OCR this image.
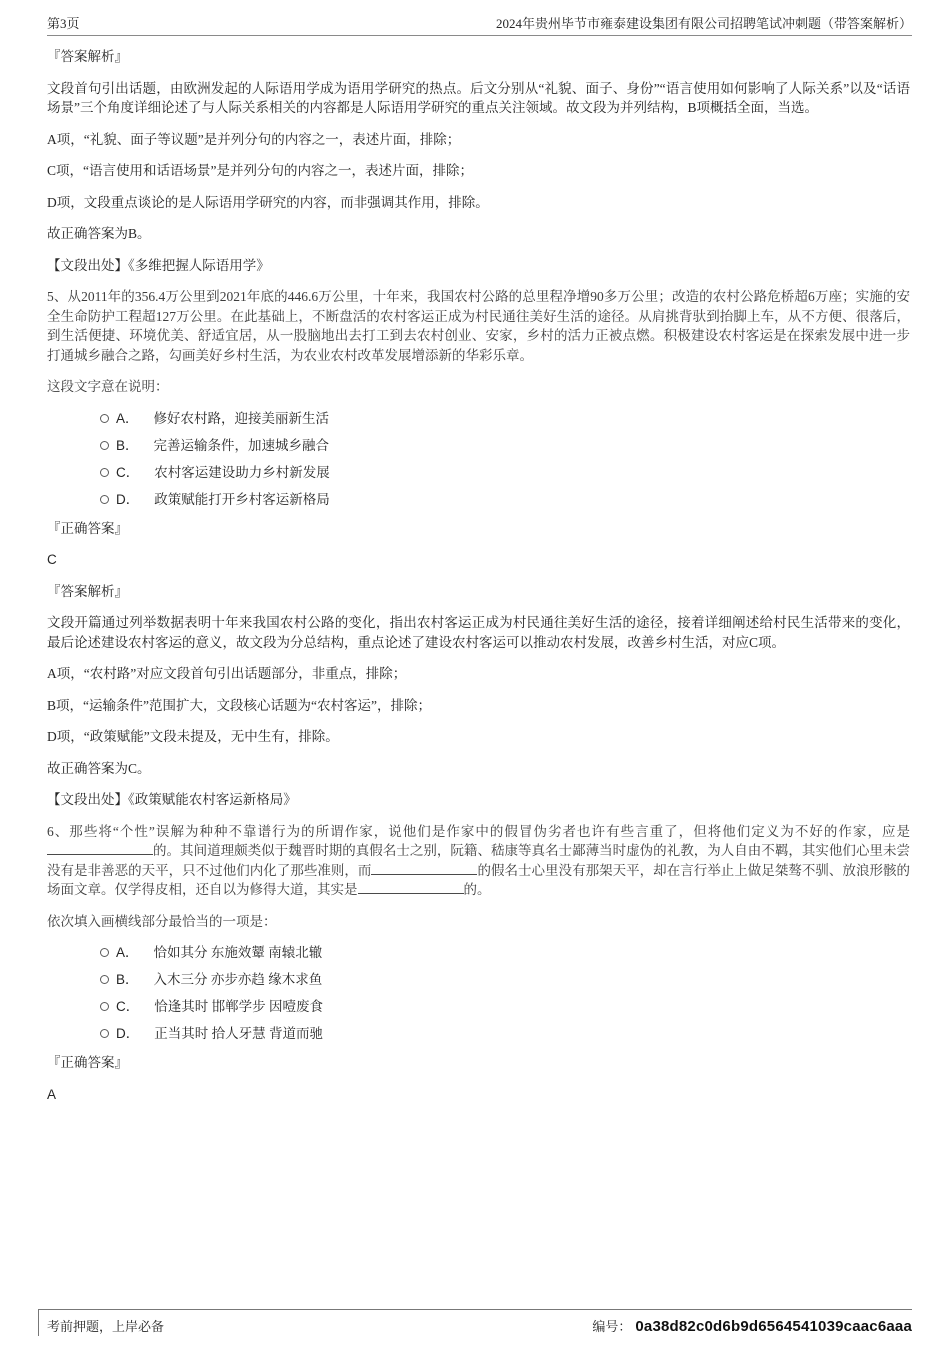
第3页	2024年贵州毕节市雍泰建设集团有限公司招聘笔试冲刺题（带答案解析）

『答案解析』

文段首句引出话题，由欧洲发起的人际语用学成为语用学研究的热点。后文分别从“礼貌、面子、身份”“语言使用如何影响了人际关系”以及“话语场景”三个角度详细论述了与人际关系相关的内容都是人际语用学研究的重点关注领域。故文段为并列结构，B项概括全面，当选。

A项，“礼貌、面子等议题”是并列分句的内容之一，表述片面，排除；

C项，“语言使用和话语场景”是并列分句的内容之一，表述片面，排除；

D项，文段重点谈论的是人际语用学研究的内容，而非强调其作用，排除。

故正确答案为B。

【文段出处】《多维把握人际语用学》

5、从2011年的356.4万公里到2021年底的446.6万公里，十年来，我国农村公路的总里程净增90多万公里；改造的农村公路危桥超6万座；实施的安全生命防护工程超127万公里。在此基础上，不断盘活的农村客运正成为村民通往美好生活的途径。从肩挑背驮到抬脚上车，从不方便、很落后，到生活便捷、环境优美、舒适宜居，从一股脑地出去打工到去农村创业、安家，乡村的活力正被点燃。积极建设农村客运是在探索发展中进一步打通城乡融合之路，勾画美好乡村生活，为农业农村改革发展增添新的华彩乐章。

这段文字意在说明：

A． 修好农村路，迎接美丽新生活
B． 完善运输条件，加速城乡融合
C． 农村客运建设助力乡村新发展
D． 政策赋能打开乡村客运新格局

『正确答案』

C

『答案解析』

文段开篇通过列举数据表明十年来我国农村公路的变化，指出农村客运正成为村民通往美好生活的途径，接着详细阐述给村民生活带来的变化，最后论述建设农村客运的意义，故文段为分总结构，重点论述了建设农村客运可以推动农村发展，改善乡村生活，对应C项。

A项，“农村路”对应文段首句引出话题部分，非重点，排除；

B项，“运输条件”范围扩大，文段核心话题为“农村客运”，排除；

D项，“政策赋能”文段未提及，无中生有，排除。

故正确答案为C。

【文段出处】《政策赋能农村客运新格局》

6、那些将“个性”误解为种种不靠谱行为的所谓作家，说他们是作家中的假冒伪劣者也许有些言重了，但将他们定义为不好的作家，应是的。其间道理颇类似于魏晋时期的真假名士之别，阮籍、嵇康等真名士鄙薄当时虚伪的礼教，为人自由不羁，其实他们心里未尝没有是非善恶的天平，只不过他们内化了那些准则，而	的假名士心里没有那架天平，却在言行举止上做足桀骜不驯、放浪形骸的场面文章。仅学得皮相，还自以为修得大道，其实是	的。

依次填入画横线部分最恰当的一项是：

A． 恰如其分 东施效颦 南辕北辙
B． 入木三分 亦步亦趋 缘木求鱼
C． 恰逢其时 邯郸学步 因噎废食
D． 正当其时 拾人牙慧 背道而驰

『正确答案』

A

考前押题，上岸必备	编号： 0a38d82c0d6b9d6564541039caac6aaa
